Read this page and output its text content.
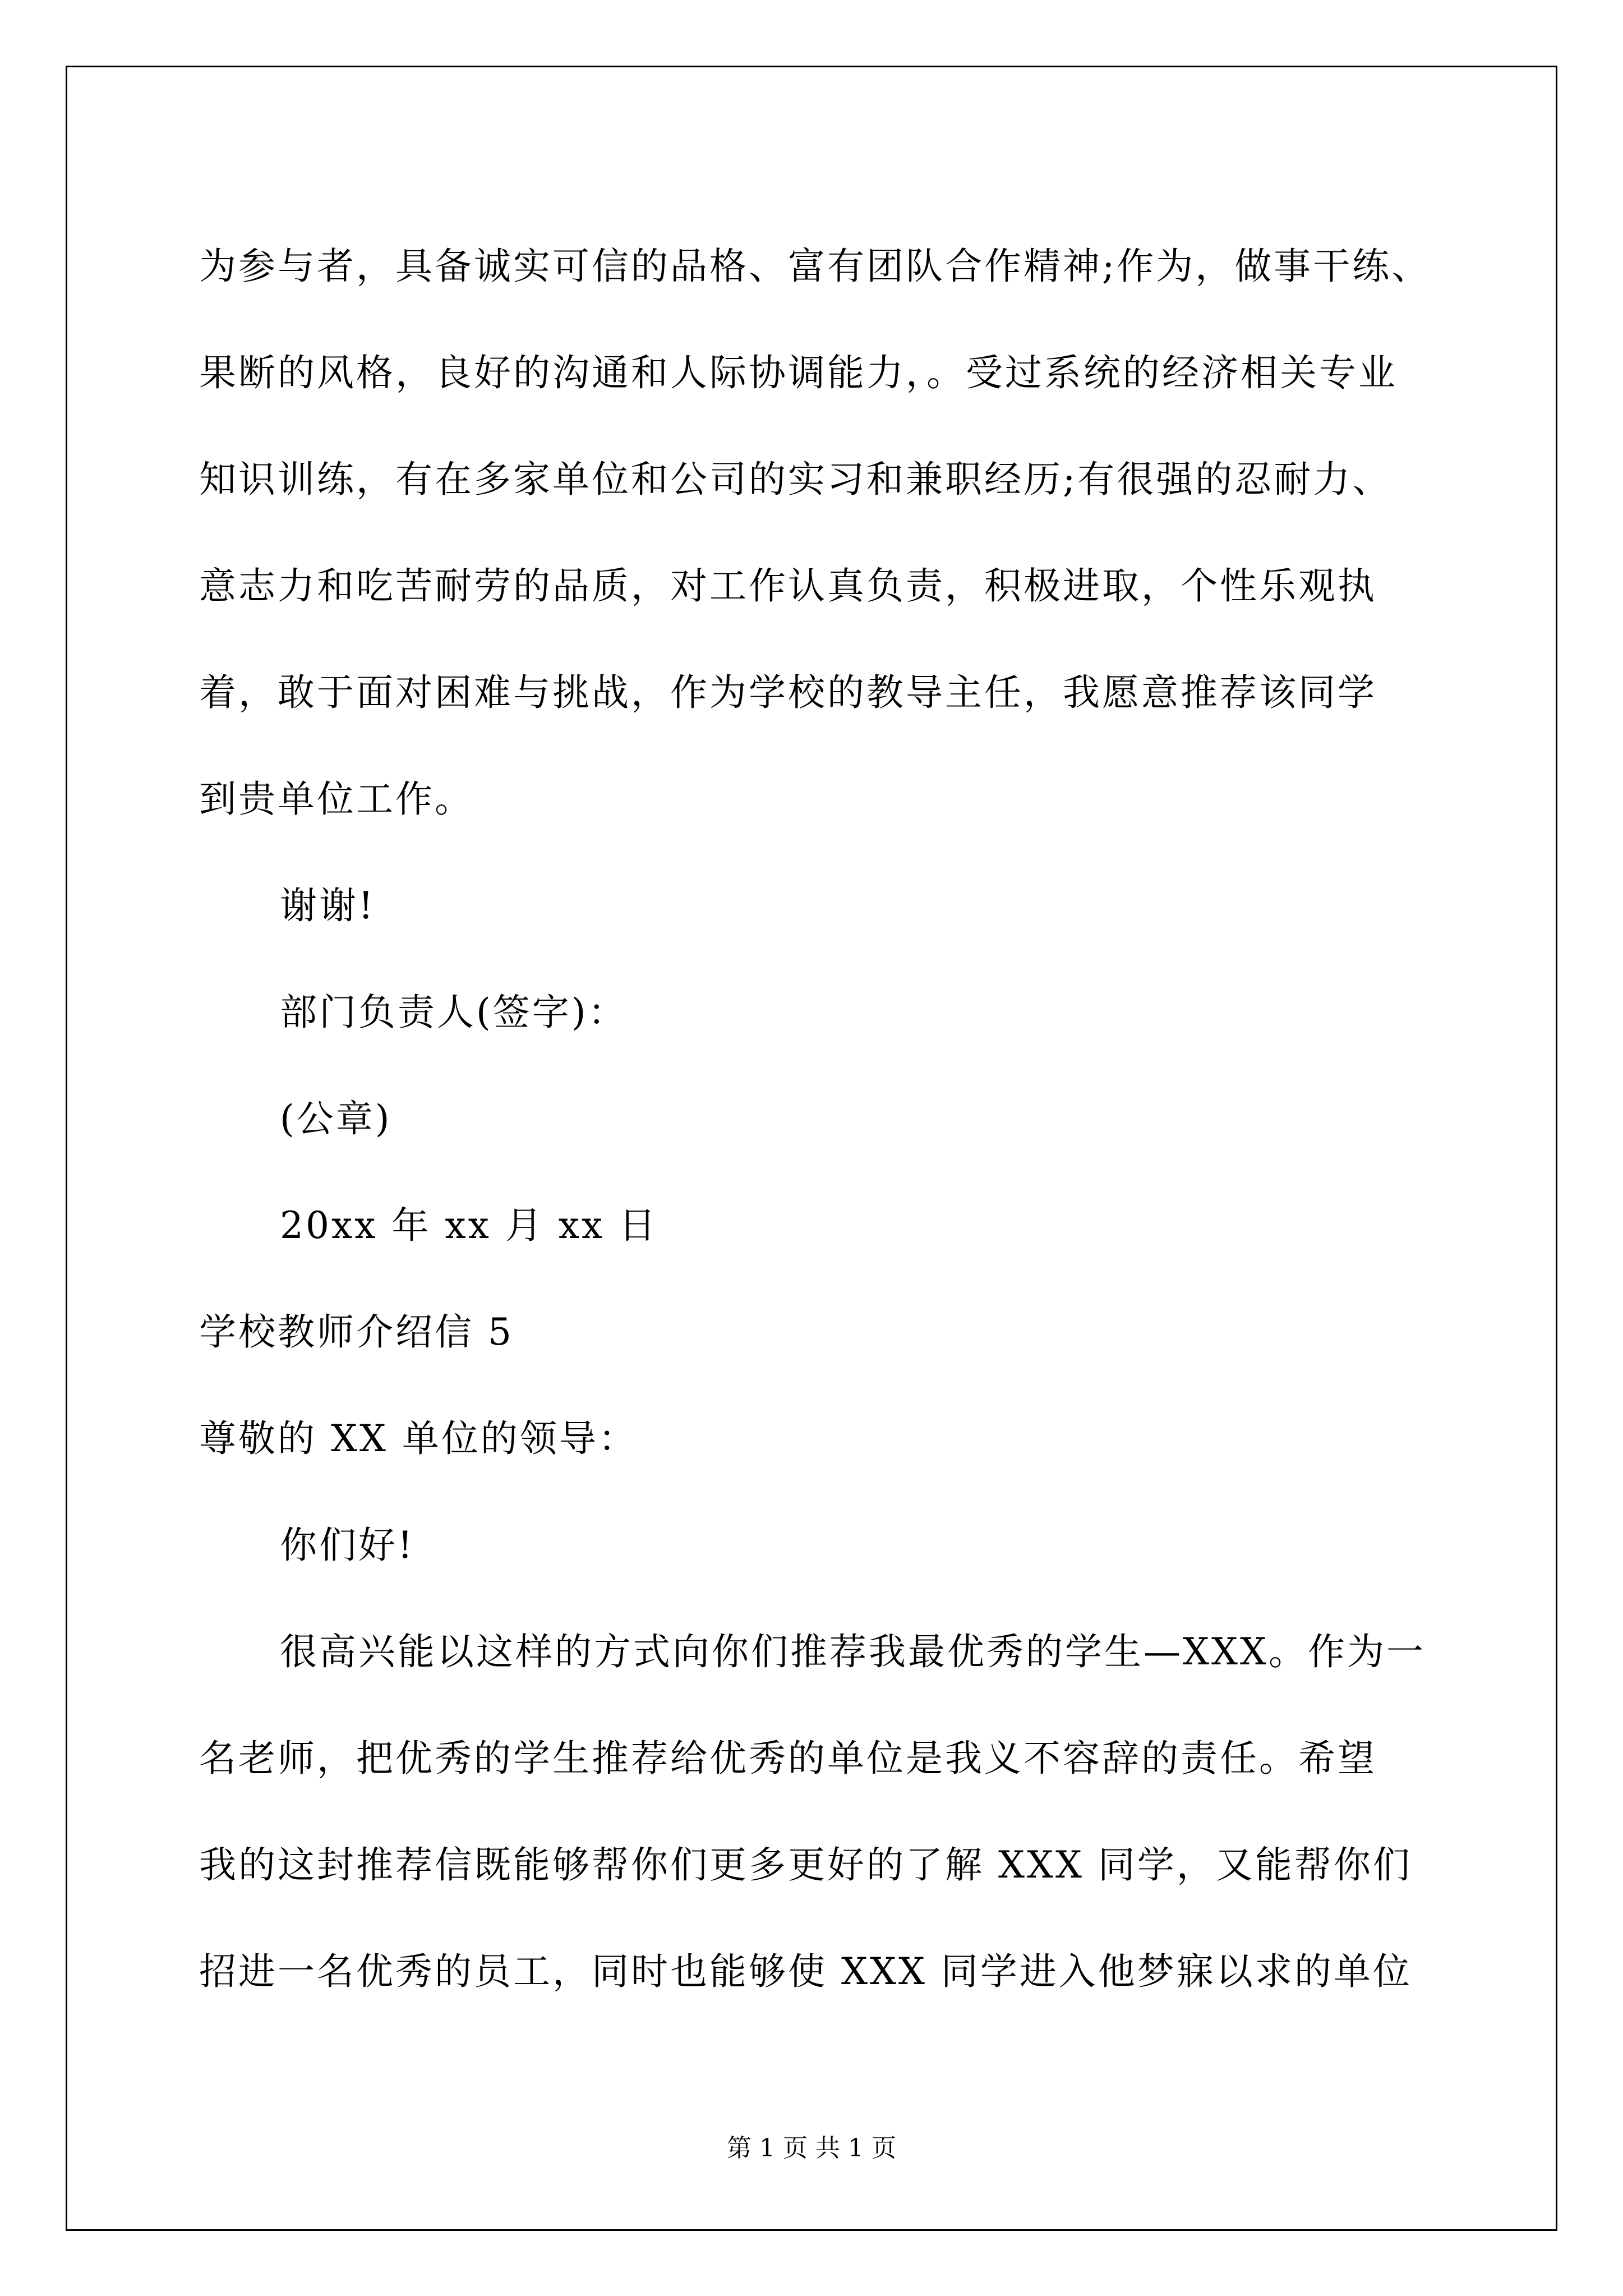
为参与者，具备诚实可信的品格、富有团队合作精神;作为，做事干练、
果断的风格，良好的沟通和人际协调能力，。受过系统的经济相关专业
知识训练，有在多家单位和公司的实习和兼职经历;有很强的忍耐力、
意志力和吃苦耐劳的品质，对工作认真负责，积极进取，个性乐观执
着，敢于面对困难与挑战，作为学校的教导主任，我愿意推荐该同学
到贵单位工作。
谢谢!
部门负责人(签字)：
(公章)
20xx 年 xx 月 xx 日
学校教师介绍信 5
尊敬的 XX 单位的领导：
你们好!
很高兴能以这样的方式向你们推荐我最优秀的学生—XXX。作为一
名老师，把优秀的学生推荐给优秀的单位是我义不容辞的责任。希望
我的这封推荐信既能够帮你们更多更好的了解 XXX 同学，又能帮你们
招进一名优秀的员工，同时也能够使 XXX 同学进入他梦寐以求的单位
第 1 页 共 1 页
